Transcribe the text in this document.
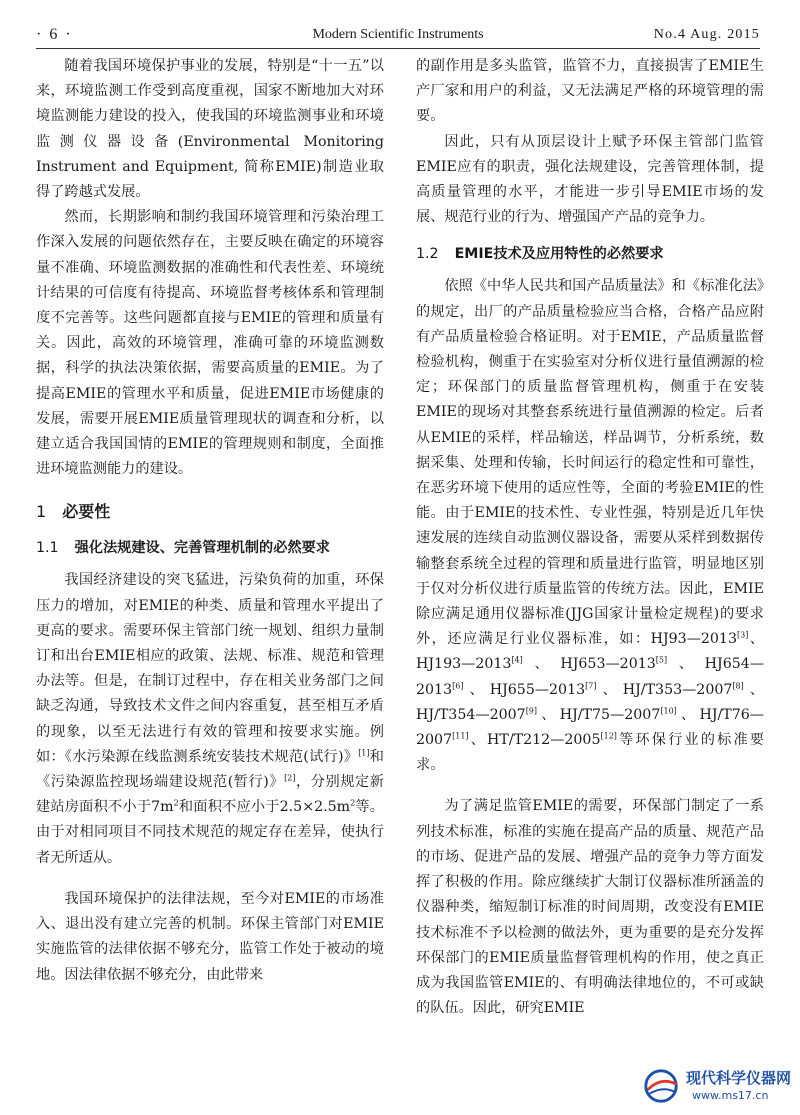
· 6 ·	Modern Scientific Instruments	No.4 Aug. 2015

随着我国环境保护事业的发展，特别是“十一五”以来，环境监测工作受到高度重视，国家不断地加大对环境监测能力建设的投入，使我国的环境监测事业和环境监测仪器设备(Environmental Monitoring Instrument and Equipment, 简称EMIE)制造业取得了跨越式发展。

然而，长期影响和制约我国环境管理和污染治理工作深入发展的问题依然存在，主要反映在确定的环境容量不准确、环境监测数据的准确性和代表性差、环境统计结果的可信度有待提高、环境监督考核体系和管理制度不完善等。这些问题都直接与EMIE的管理和质量有关。因此，高效的环境管理，准确可靠的环境监测数据，科学的执法决策依据，需要高质量的EMIE。为了提高EMIE的管理水平和质量，促进EMIE市场健康的发展，需要开展EMIE质量管理现状的调查和分析，以建立适合我国国情的EMIE的管理规则和制度，全面推进环境监测能力的建设。

1 必要性
1.1 强化法规建设、完善管理机制的必然要求

我国经济建设的突飞猛进，污染负荷的加重，环保压力的增加，对EMIE的种类、质量和管理水平提出了更高的要求。需要环保主管部门统一规划、组织力量制订和出台EMIE相应的政策、法规、标准、规范和管理办法等。但是，在制订过程中，存在相关业务部门之间缺乏沟通，导致技术文件之间内容重复，甚至相互矛盾的现象，以至无法进行有效的管理和按要求实施。例如：《水污染源在线监测系统安装技术规范(试行)》[1]和《污染源监控现场端建设规范(暂行)》[2]，分别规定新建站房面积不小于$7m^2$和面积不应小于$2.5\times 2.5m^2$等。由于对相同项目不同技术规范的规定存在差异，使执行者无所适从。

我国环境保护的法律法规，至今对EMIE的市场准入、退出没有建立完善的机制。环保主管部门对EMIE实施监管的法律依据不够充分，监管工作处于被动的境地。因法律依据不够充分，由此带来

的副作用是多头监管，监管不力，直接损害了EMIE生产厂家和用户的利益，又无法满足严格的环境管理的需要。

因此，只有从顶层设计上赋予环保主管部门监管EMIE应有的职责，强化法规建设，完善管理体制，提高质量管理的水平，才能进一步引导EMIE市场的发展、规范行业的行为、增强国产产品的竞争力。

1.2 EMIE技术及应用特性的必然要求

依照《中华人民共和国产品质量法》和《标准化法》的规定，出厂的产品质量检验应当合格，合格产品应附有产品质量检验合格证明。对于EMIE，产品质量监督检验机构，侧重于在实验室对分析仪进行量值溯源的检定；环保部门的质量监督管理机构，侧重于在安装EMIE的现场对其整套系统进行量值溯源的检定。后者从EMIE的采样，样品输送，样品调节，分析系统，数据采集、处理和传输，长时间运行的稳定性和可靠性，在恶劣环境下使用的适应性等，全面的考验EMIE的性能。由于EMIE的技术性、专业性强，特别是近几年快速发展的连续自动监测仪器设备，需要从采样到数据传输整套系统全过程的管理和质量进行监管，明显地区别于仅对分析仪进行质量监管的传统方法。因此，EMIE除应满足通用仪器标准(JJG国家计量检定规程)的要求外，还应满足行业仪器标准，如：HJ93—2013[3]、HJ193—2013[4]、HJ653—2013[5]、HJ654—2013[6]、HJ655—2013[7]、HJ/T353—2007[8]、HJ/T354—2007[9]、HJ/T75—2007[10]、HJ/T76—2007[11]、HT/T212—2005[12]等环保行业的标准要求。

为了满足监管EMIE的需要，环保部门制定了一系列技术标准，标准的实施在提高产品的质量、规范产品的市场、促进产品的发展、增强产品的竞争力等方面发挥了积极的作用。除应继续扩大制订仪器标准所涵盖的仪器种类，缩短制订标准的时间周期，改变没有EMIE技术标准不予以检测的做法外，更为重要的是充分发挥环保部门的EMIE质量监督管理机构的作用，使之真正成为我国监管EMIE的、有明确法律地位的，不可或缺的队伍。因此，研究EMIE

现代科学仪器网
www.ms17.cn
